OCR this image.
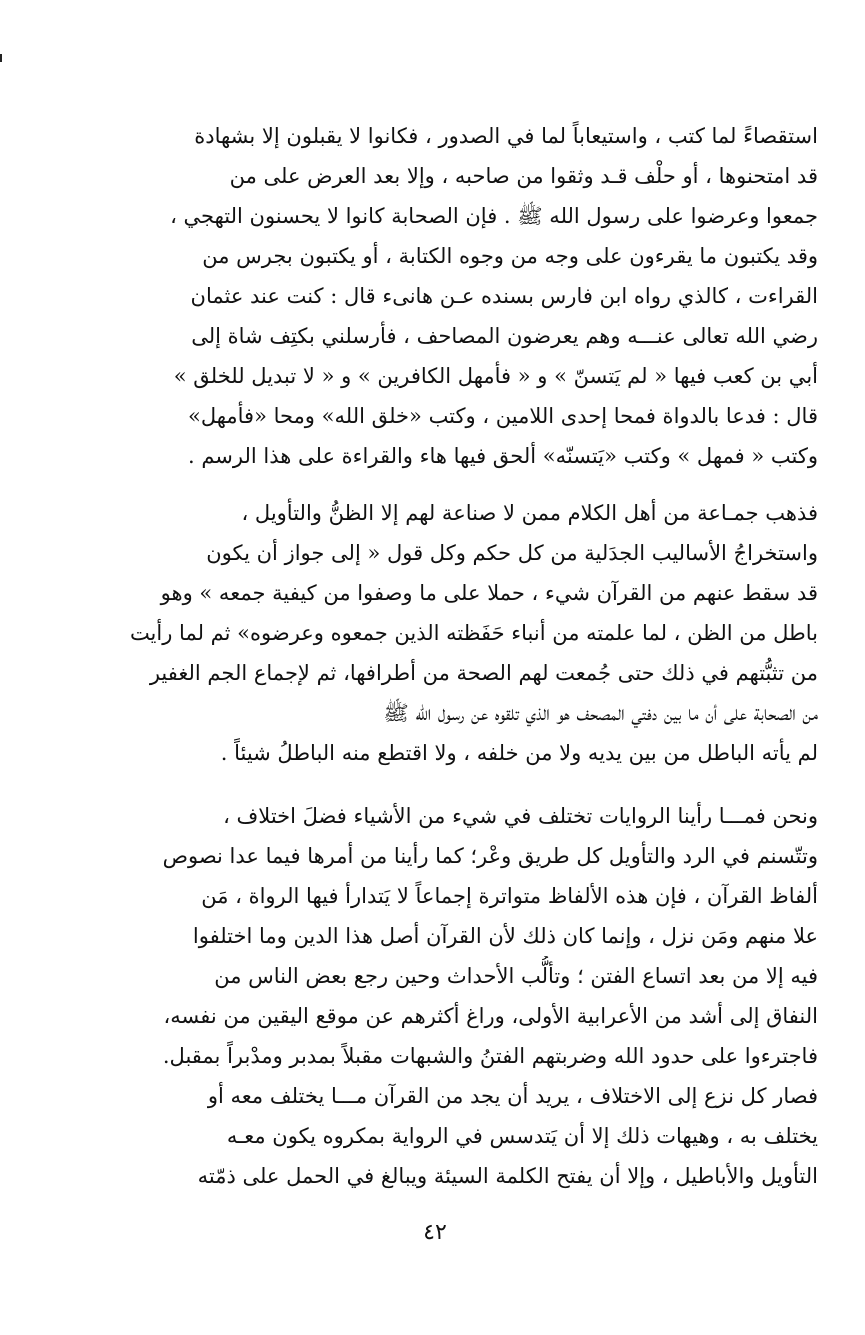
استقصاءً لما كتب ، واستيعاباً لما في الصدور ، فكانوا لا يقبلون إلا بشهادة
قد امتحنوها ، أو حلْف قـد وثقوا من صاحبه ، وإلا بعد العرض على من
جمعوا وعرضوا على رسول الله ﷺ . فإن الصحابة كانوا لا يحسنون التهجي ،
وقد يكتبون ما يقرءون على وجه من وجوه الكتابة ، أو يكتبون بجرس من
القراءت ، كالذي رواه ابن فارس بسنده عـن هانىء قال : كنت عند عثمان
رضي الله تعالى عنـــه وهم يعرضون المصاحف ، فأرسلني بكتِف شاة إلى
أبي بن كعب فيها « لم يَتسنّ » و « فأمهل الكافرين » و « لا تبديل للخلق »
قال : فدعا بالدواة فمحا إحدى اللامين ، وكتب «خلق الله» ومحا «فأمهل»
وكتب « فمهل » وكتب «يَتسنّه» ألحق فيها هاء والقراءة على هذا الرسم .
فذهب جمـاعة من أهل الكلام ممن لا صناعة لهم إلا الظنُّ والتأويل ،
واستخراجُ الأساليب الجدَلية من كل حكم وكل قول « إلى جواز أن يكون
قد سقط عنهم من القرآن شيء ، حملا على ما وصفوا من كيفية جمعه » وهو
باطل من الظن ، لما علمته من أنباء حَفَظته الذين جمعوه وعرضوه» ثم لما رأيت
من تثبُّتهم في ذلك حتى جُمعت لهم الصحة من أطرافها، ثم لإجماع الجم الغفير
من الصحابة على أن ما بين دفتي المصحف هو الذي تلقوه عن رسول الله ﷺ
لم يأته الباطل من بين يديه ولا من خلفه ، ولا اقتطع منه الباطلُ شيئاً .
ونحن فمـــا رأينا الروايات تختلف في شيء من الأشياء فضلَ اختلاف ،
وتتّسنم في الرد والتأويل كل طريق وعْر؛ كما رأينا من أمرها فيما عدا نصوص
ألفاظ القرآن ، فإن هذه الألفاظ متواترة إجماعاً لا يَتدارأ فيها الرواة ، مَن
علا منهم ومَن نزل ، وإنما كان ذلك لأن القرآن أصل هذا الدين وما اختلفوا
فيه إلا من بعد اتساع الفتن ؛ وتألُّب الأحداث وحين رجع بعض الناس من
النفاق إلى أشد من الأعرابية الأولى، وراغ أكثرهم عن موقع اليقين من نفسه،
فاجترءوا على حدود الله وضربتهم الفتنُ والشبهات مقبلاً بمدبر ومدْبراً بمقبل.
فصار كل نزع إلى الاختلاف ، يريد أن يجد من القرآن مـــا يختلف معه أو
يختلف به ، وهيهات ذلك إلا أن يَتدسس في الرواية بمكروه يكون معـه
التأويل والأباطيل ، وإلا أن يفتح الكلمة السيئة ويبالغ في الحمل على ذمّته
٤٢
